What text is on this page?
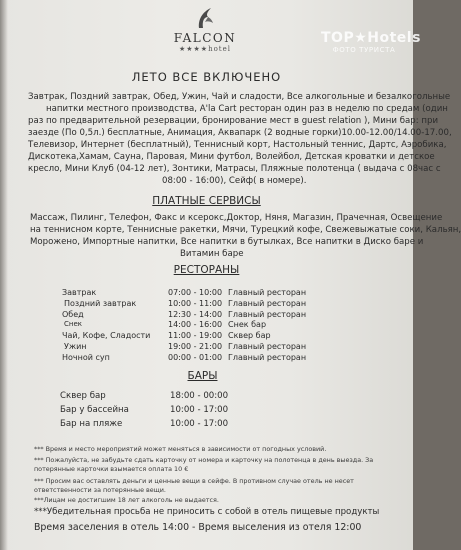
FALCON
★★★★hotel
TOP★Hotels
ФОТО ТУРИСТА
ЛЕТО ВСЕ ВКЛЮЧЕНО
Завтрак, Поздний завтрак, Обед, Ужин, Чай и сладости, Все алкогольные и безалкогольные
напитки местного производства, A'la Cart ресторан один раз в неделю по средам (один
раз по предварительной резервации, бронирование мест в guest relation ), Мини бар: при
заезде (По 0,5л.) бесплатные, Анимация, Аквапарк (2 водные горки)10.00-12.00/14.00-17.00,
Телевизор, Интернет (бесплатный), Теннисный корт, Настольный теннис, Дартс, Аэробика,
Дискотека,Хамам, Сауна, Паровая, Мини футбол, Волейбол, Детская кроватки и детское
кресло, Мини Клуб (04-12 лет), Зонтики, Матрасы, Пляжные полотенца ( выдача с 08час с
08:00 - 16:00), Сейф( в номере).
ПЛАТНЫЕ СЕРВИСЫ
Массаж, Пилинг, Телефон, Факс и ксерокс,Доктор, Няня, Магазин, Прачечная, Освещение
на теннисном корте, Теннисные ракетки, Мячи, Турецкий кофе, Свежевыжатые соки, Кальян,
Морожено, Импортные напитки, Все напитки в бутылках, Все напитки в Диско баре и
Витамин баре
РЕСТОРАНЫ
Завтрак	07:00 - 10:00 Главный ресторан
Поздний завтрак	10:00 - 11:00 Главный ресторан
Обед	12:30 - 14:00 Главный ресторан
Снек	14:00 - 16:00 Снек бар
Чай, Кофе, Сладости 11:00 - 19:00 Сквер бар
Ужин	19:00 - 21:00 Главный ресторан
Ночной суп	00:00 - 01:00 Главный ресторан
БАРЫ
Сквер бар	18:00 - 00:00
Бар у бассейна	10:00 - 17:00
Бар на пляже	10:00 - 17:00
*** Время и место мероприятий может меняться в зависимости от погодных условий.
*** Пожалуйста, не забудьте сдать карточку от номера и карточку на полотенца в день выезда. За
потерянные карточки взымается оплата 10 €
*** Просим вас оставлять деньги и ценные вещи в сейфе. В противном случае отель не несет
ответственности за потерянные вещи.
***Лицам не достигшим 18 лет алкоголь не выдается.
***Убедительная просьба не приносить с собой в отель пищевые продукты
Время заселения в отель 14:00 - Время выселения из отеля 12:00
